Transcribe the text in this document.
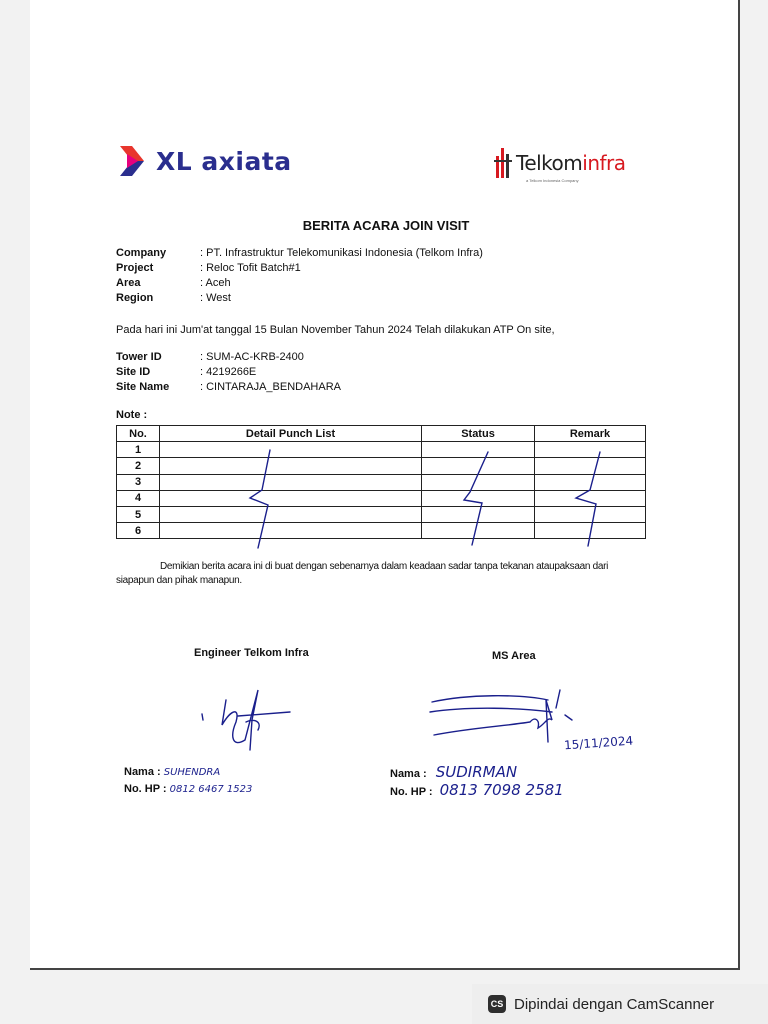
XL axiata	Telkominfra
a Telkom Indonesia Company
BERITA ACARA JOIN VISIT
Company	: PT. Infrastruktur Telekomunikasi Indonesia (Telkom Infra)
Project	: Reloc Tofit Batch#1
Area	: Aceh
Region	: West
Pada hari ini Jum'at tanggal 15 Bulan November Tahun 2024 Telah dilakukan ATP On site,
Tower ID	: SUM-AC-KRB-2400
Site ID	: 4219266E
Site Name	: CINTARAJA_BENDAHARA
Note :
No.	Detail Punch List	Status	Remark
1			
2			
3			
4			
5			
6			
Demikian berita acara ini di buat dengan sebenarnya dalam keadaan sadar tanpa tekanan ataupaksaan dari siapapun dan pihak manapun.
Engineer Telkom Infra	MS Area
15/11/2024
Nama : SUHENDRA
No. HP : 0812 6467 1523
Nama : SUDIRMAN
No. HP : 0813 7098 2581
CS Dipindai dengan CamScanner
